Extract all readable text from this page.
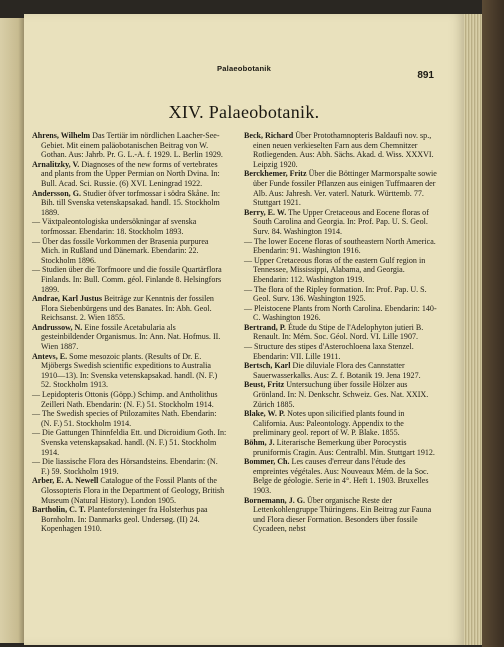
Palaeobotanik
891
XIV. Palaeobotanik.

Ahrens, Wilhelm Das Tertiär im nördlichen Laacher-See-Gebiet. Mit einem paläobotanischen Beitrag von W. Gothan. Aus: Jahrb. Pr. G. L.-A. f. 1929. L. Berlin 1929.

Arnalitzky, V. Diagnoses of the new forms of vertebrates and plants from the Upper Permian on North Dvina. In: Bull. Acad. Sci. Russie. (6) XVI. Leningrad 1922.

Andersson, G. Studier öfver torfmossar i södra Skåne. In: Bih. till Svenska vetenskapsakad. handl. 15. Stockholm 1889.

— Växtpaleontologiska undersökningar af svenska torfmossar. Ebendarin: 18. Stockholm 1893.

— Über das fossile Vorkommen der Brasenia purpurea Mich. in Rußland und Dänemark. Ebendarin: 22. Stockholm 1896.

— Studien über die Torfmoore und die fossile Quartärflora Finlands. In: Bull. Comm. géol. Finlande 8. Helsingfors 1899.

Andrae, Karl Justus Beiträge zur Kenntnis der fossilen Flora Siebenbürgens und des Banates. In: Abh. Geol. Reichsanst. 2. Wien 1855.

Andrussow, N. Eine fossile Acetabularia als gesteinbildender Organismus. In: Ann. Nat. Hofmus. II. Wien 1887.

Antevs, E. Some mesozoic plants. (Results of Dr. E. Mjöbergs Swedish scientific expeditions to Australia 1910—13). In: Svenska vetenskapsakad. handl. (N. F.) 52. Stockholm 1913.

— Lepidopteris Ottonis (Göpp.) Schimp. and Antholithus Zeilleri Nath. Ebendarin: (N. F.) 51. Stockholm 1914.

— The Swedish species of Ptilozamites Nath. Ebendarin: (N. F.) 51. Stockholm 1914.

— Die Gattungen Thinnfeldia Ett. und Dicroidium Goth. In: Svenska vetenskapsakad. handl. (N. F.) 51. Stockholm 1914.

— Die liassische Flora des Hörsandsteins. Ebendarin: (N. F.) 59. Stockholm 1919.

Arber, E. A. Newell Catalogue of the Fossil Plants of the Glossopteris Flora in the Department of Geology, British Museum (Natural History). London 1905.

Bartholin, C. T. Planteforsteninger fra Holsterhus paa Bornholm. In: Danmarks geol. Undersøg. (II) 24. Kopenhagen 1910.

Beck, Richard Über Protothamnopteris Baldaufi nov. sp., einen neuen verkieselten Farn aus dem Chemnitzer Rotliegenden. Aus: Abh. Sächs. Akad. d. Wiss. XXXVI. Leipzig 1920.

Berckhemer, Fritz Über die Böttinger Marmorspalte sowie über Funde fossiler Pflanzen aus einigen Tuffmaaren der Alb. Aus: Jahresh. Ver. vaterl. Naturk. Württemb. 77. Stuttgart 1921.

Berry, E. W. The Upper Cretaceous and Eocene floras of South Carolina and Georgia. In: Prof. Pap. U. S. Geol. Surv. 84. Washington 1914.

— The lower Eocene floras of southeastern North America. Ebendarin: 91. Washington 1916.

— Upper Cretaceous floras of the eastern Gulf region in Tennessee, Mississippi, Alabama, and Georgia. Ebendarin: 112. Washington 1919.

— The flora of the Ripley formation. In: Prof. Pap. U. S. Geol. Surv. 136. Washington 1925.

— Pleistocene Plants from North Carolina. Ebendarin: 140-C. Washington 1926.

Bertrand, P. Étude du Stipe de l'Adelophyton jutieri B. Renault. In: Mém. Soc. Géol. Nord. VI. Lille 1907.

— Structure des stipes d'Asterochloena laxa Stenzel. Ebendarin: VII. Lille 1911.

Bertsch, Karl Die diluviale Flora des Cannstatter Sauerwasserkalks. Aus: Z. f. Botanik 19. Jena 1927.

Beust, Fritz Untersuchung über fossile Hölzer aus Grönland. In: N. Denkschr. Schweiz. Ges. Nat. XXIX. Zürich 1885.

Blake, W. P. Notes upon silicified plants found in California. Aus: Paleontology. Appendix to the preliminary geol. report of W. P. Blake. 1855.

Böhm, J. Literarische Bemerkung über Porocystis pruniformis Cragin. Aus: Centralbl. Min. Stuttgart 1912.

Bommer, Ch. Les causes d'erreur dans l'étude des empreintes végétales. Aus: Nouveaux Mém. de la Soc. Belge de géologie. Serie in 4°. Heft 1. 1903. Bruxelles 1903.

Bornemann, J. G. Über organische Reste der Lettenkohlengruppe Thüringens. Ein Beitrag zur Fauna und Flora dieser Formation. Besonders über fossile Cycadeen, nebst
